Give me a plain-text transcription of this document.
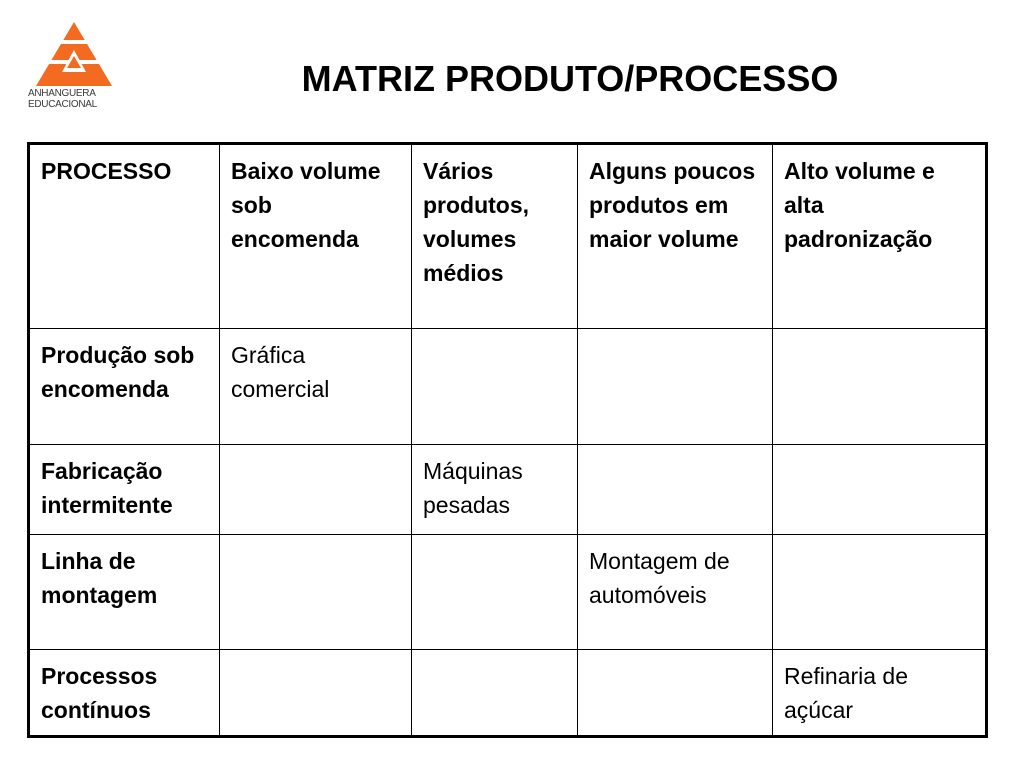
ANHANGUERA
EDUCACIONAL
MATRIZ PRODUTO/PROCESSO
PROCESSO	Baixo volume sob encomenda	Vários produtos, volumes médios	Alguns poucos produtos em maior volume	Alto volume e alta padronização
Produção sob encomenda	Gráfica comercial			
Fabricação intermitente		Máquinas pesadas		
Linha de montagem			Montagem de automóveis	
Processos contínuos				Refinaria de açúcar
